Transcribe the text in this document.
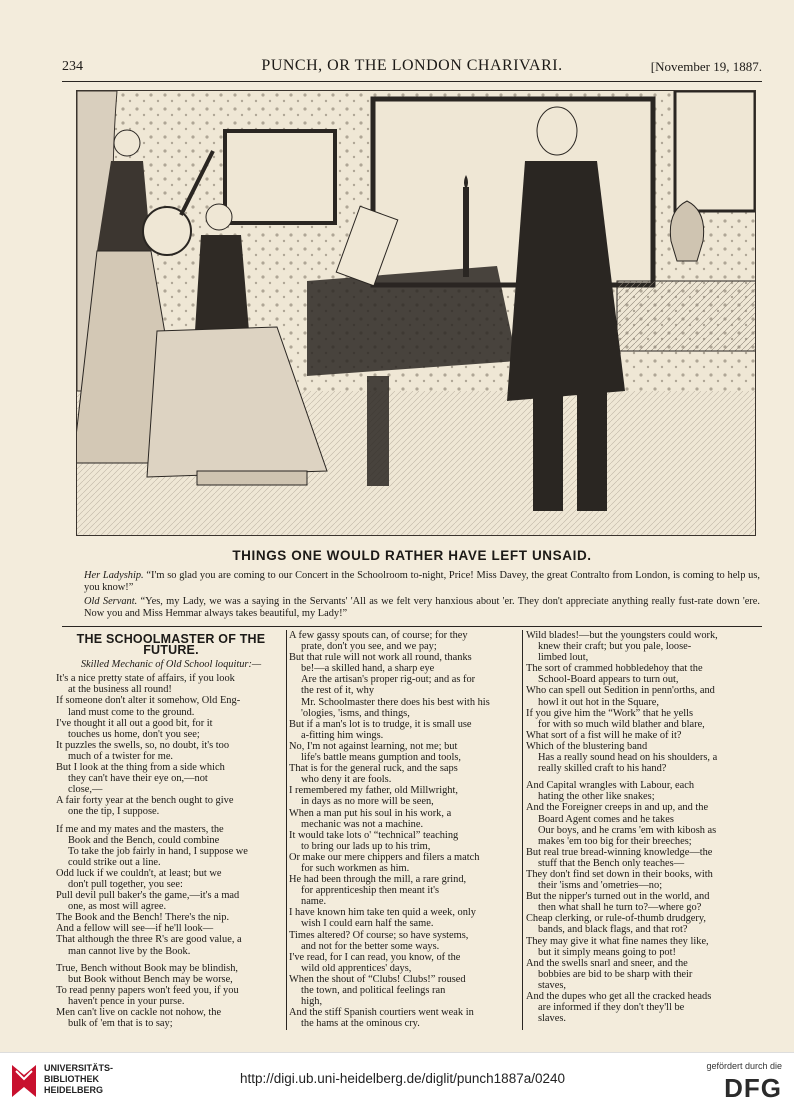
234	PUNCH, OR THE LONDON CHARIVARI.	[November 19, 1887.
THINGS ONE WOULD RATHER HAVE LEFT UNSAID.
Her Ladyship. “I'm so glad you are coming to our Concert in the Schoolroom to-night, Price! Miss Davey, the great Contralto from London, is coming to help us, you know!”
Old Servant. “Yes, my Lady, we was a saying in the Servants' 'All as we felt very hanxious about 'er. They don't appreciate anything really fust-rate down 'ere. Now you and Miss Hemmar always takes beautiful, my Lady!”
THE SCHOOLMASTER OF THE FUTURE.
Skilled Mechanic of Old School loquitur:—
It's a nice pretty state of affairs, if you look
at the business all round!
If someone don't alter it somehow, Old Eng-
land must come to the ground.
I've thought it all out a good bit, for it
touches us home, don't you see;
It puzzles the swells, so, no doubt, it's too
much of a twister for me.
But I look at the thing from a side which
they can't have their eye on,—not
close,—
A fair forty year at the bench ought to give
one the tip, I suppose.
If me and my mates and the masters, the
Book and the Bench, could combine
To take the job fairly in hand, I suppose we
could strike out a line.
Odd luck if we couldn't, at least; but we
don't pull together, you see:
Pull devil pull baker's the game,—it's a mad
one, as most will agree.
The Book and the Bench! There's the nip.
And a fellow will see—if he'll look—
That although the three R's are good value, a
man cannot live by the Book.
True, Bench without Book may be blindish,
but Book without Bench may be worse,
To read penny papers won't feed you, if you
haven't pence in your purse.
Men can't live on cackle not nohow, the
bulk of 'em that is to say;
A few gassy spouts can, of course; for they
prate, don't you see, and we pay;
But that rule will not work all round, thanks
be!—a skilled hand, a sharp eye
Are the artisan's proper rig-out; and as for
the rest of it, why
Mr. Schoolmaster there does his best with his
'ologies, 'isms, and things,
But if a man's lot is to trudge, it is small use
a-fitting him wings.
No, I'm not against learning, not me; but
life's battle means gumption and tools,
That is for the general ruck, and the saps
who deny it are fools.
I remembered my father, old Millwright,
in days as no more will be seen,
When a man put his soul in his work, a
mechanic was not a machine.
It would take lots o' “technical” teaching
to bring our lads up to his trim,
Or make our mere chippers and filers a match
for such workmen as him.
He had been through the mill, a rare grind,
for apprenticeship then meant it's
name.
I have known him take ten quid a week, only
wish I could earn half the same.
Times altered? Of course; so have systems,
and not for the better some ways.
I've read, for I can read, you know, of the
wild old apprentices' days,
When the shout of “Clubs! Clubs!” roused
the town, and political feelings ran
high,
And the stiff Spanish courtiers went weak in
the hams at the ominous cry.
Wild blades!—but the youngsters could work,
knew their craft; but you pale, loose-
limbed lout,
The sort of crammed hobbledehoy that the
School-Board appears to turn out,
Who can spell out Sedition in penn'orths, and
howl it out hot in the Square,
If you give him the “Work” that he yells
for with so much wild blather and blare,
What sort of a fist will he make of it?
Which of the blustering band
Has a really sound head on his shoulders, a
really skilled craft to his hand?
And Capital wrangles with Labour, each
hating the other like snakes;
And the Foreigner creeps in and up, and the
Board Agent comes and he takes
Our boys, and he crams 'em with kibosh as
makes 'em too big for their breeches;
But real true bread-winning knowledge—the
stuff that the Bench only teaches—
They don't find set down in their books, with
their 'isms and 'ometries—no;
But the nipper's turned out in the world, and
then what shall he turn to?—where go?
Cheap clerking, or rule-of-thumb drudgery,
bands, and black flags, and that rot?
They may give it what fine names they like,
but it simply means going to pot!
And the swells snarl and sneer, and the
bobbies are bid to be sharp with their
staves,
And the dupes who get all the cracked heads
are informed if they don't they'll be
slaves.
UNIVERSITÄTS-
BIBLIOTHEK
HEIDELBERG
http://digi.ub.uni-heidelberg.de/diglit/punch1887a/0240
gefördert durch die
DFG
